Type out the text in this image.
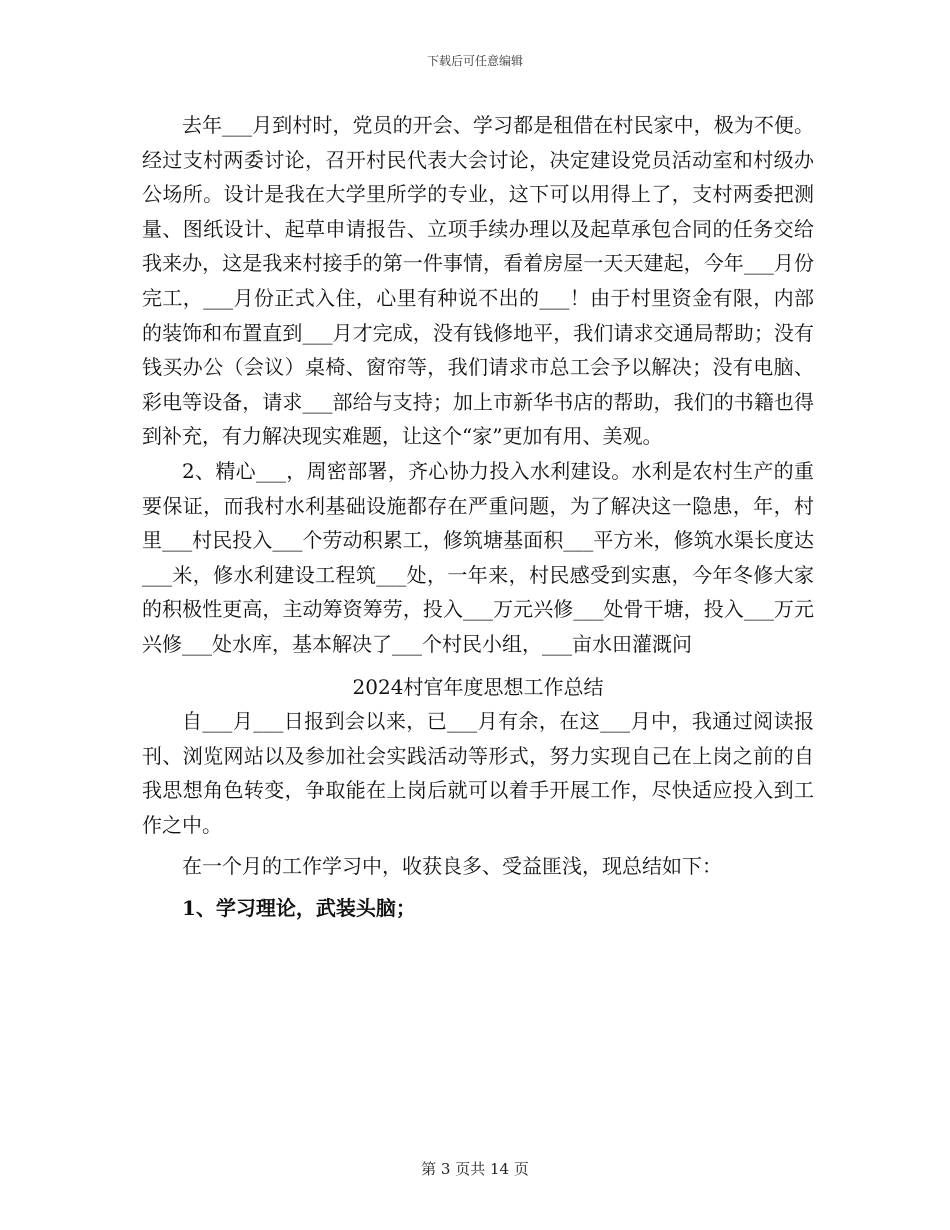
下载后可任意编辑

去年___月到村时，党员的开会、学习都是租借在村民家中，极为不便。经过支村两委讨论，召开村民代表大会讨论，决定建设党员活动室和村级办公场所。设计是我在大学里所学的专业，这下可以用得上了，支村两委把测量、图纸设计、起草申请报告、立项手续办理以及起草承包合同的任务交给我来办，这是我来村接手的第一件事情，看着房屋一天天建起，今年___月份完工，___月份正式入住，心里有种说不出的___！由于村里资金有限，内部的装饰和布置直到___月才完成，没有钱修地平，我们请求交通局帮助；没有钱买办公（会议）桌椅、窗帘等，我们请求市总工会予以解决；没有电脑、彩电等设备，请求___部给与支持；加上市新华书店的帮助，我们的书籍也得到补充，有力解决现实难题，让这个“家”更加有用、美观。

2、精心___，周密部署，齐心协力投入水利建设。水利是农村生产的重要保证，而我村水利基础设施都存在严重问题，为了解决这一隐患，年，村里___村民投入___个劳动积累工，修筑塘基面积___平方米，修筑水渠长度达___米，修水利建设工程筑___处，一年来，村民感受到实惠，今年冬修大家的积极性更高，主动筹资筹劳，投入___万元兴修___处骨干塘，投入___万元兴修___处水库，基本解决了___个村民小组，___亩水田灌溉问

2024村官年度思想工作总结

自___月___日报到会以来，已___月有余，在这___月中，我通过阅读报刊、浏览网站以及参加社会实践活动等形式，努力实现自己在上岗之前的自我思想角色转变，争取能在上岗后就可以着手开展工作，尽快适应投入到工作之中。

在一个月的工作学习中，收获良多、受益匪浅，现总结如下：

1、学习理论，武装头脑；

第 3 页共 14 页
